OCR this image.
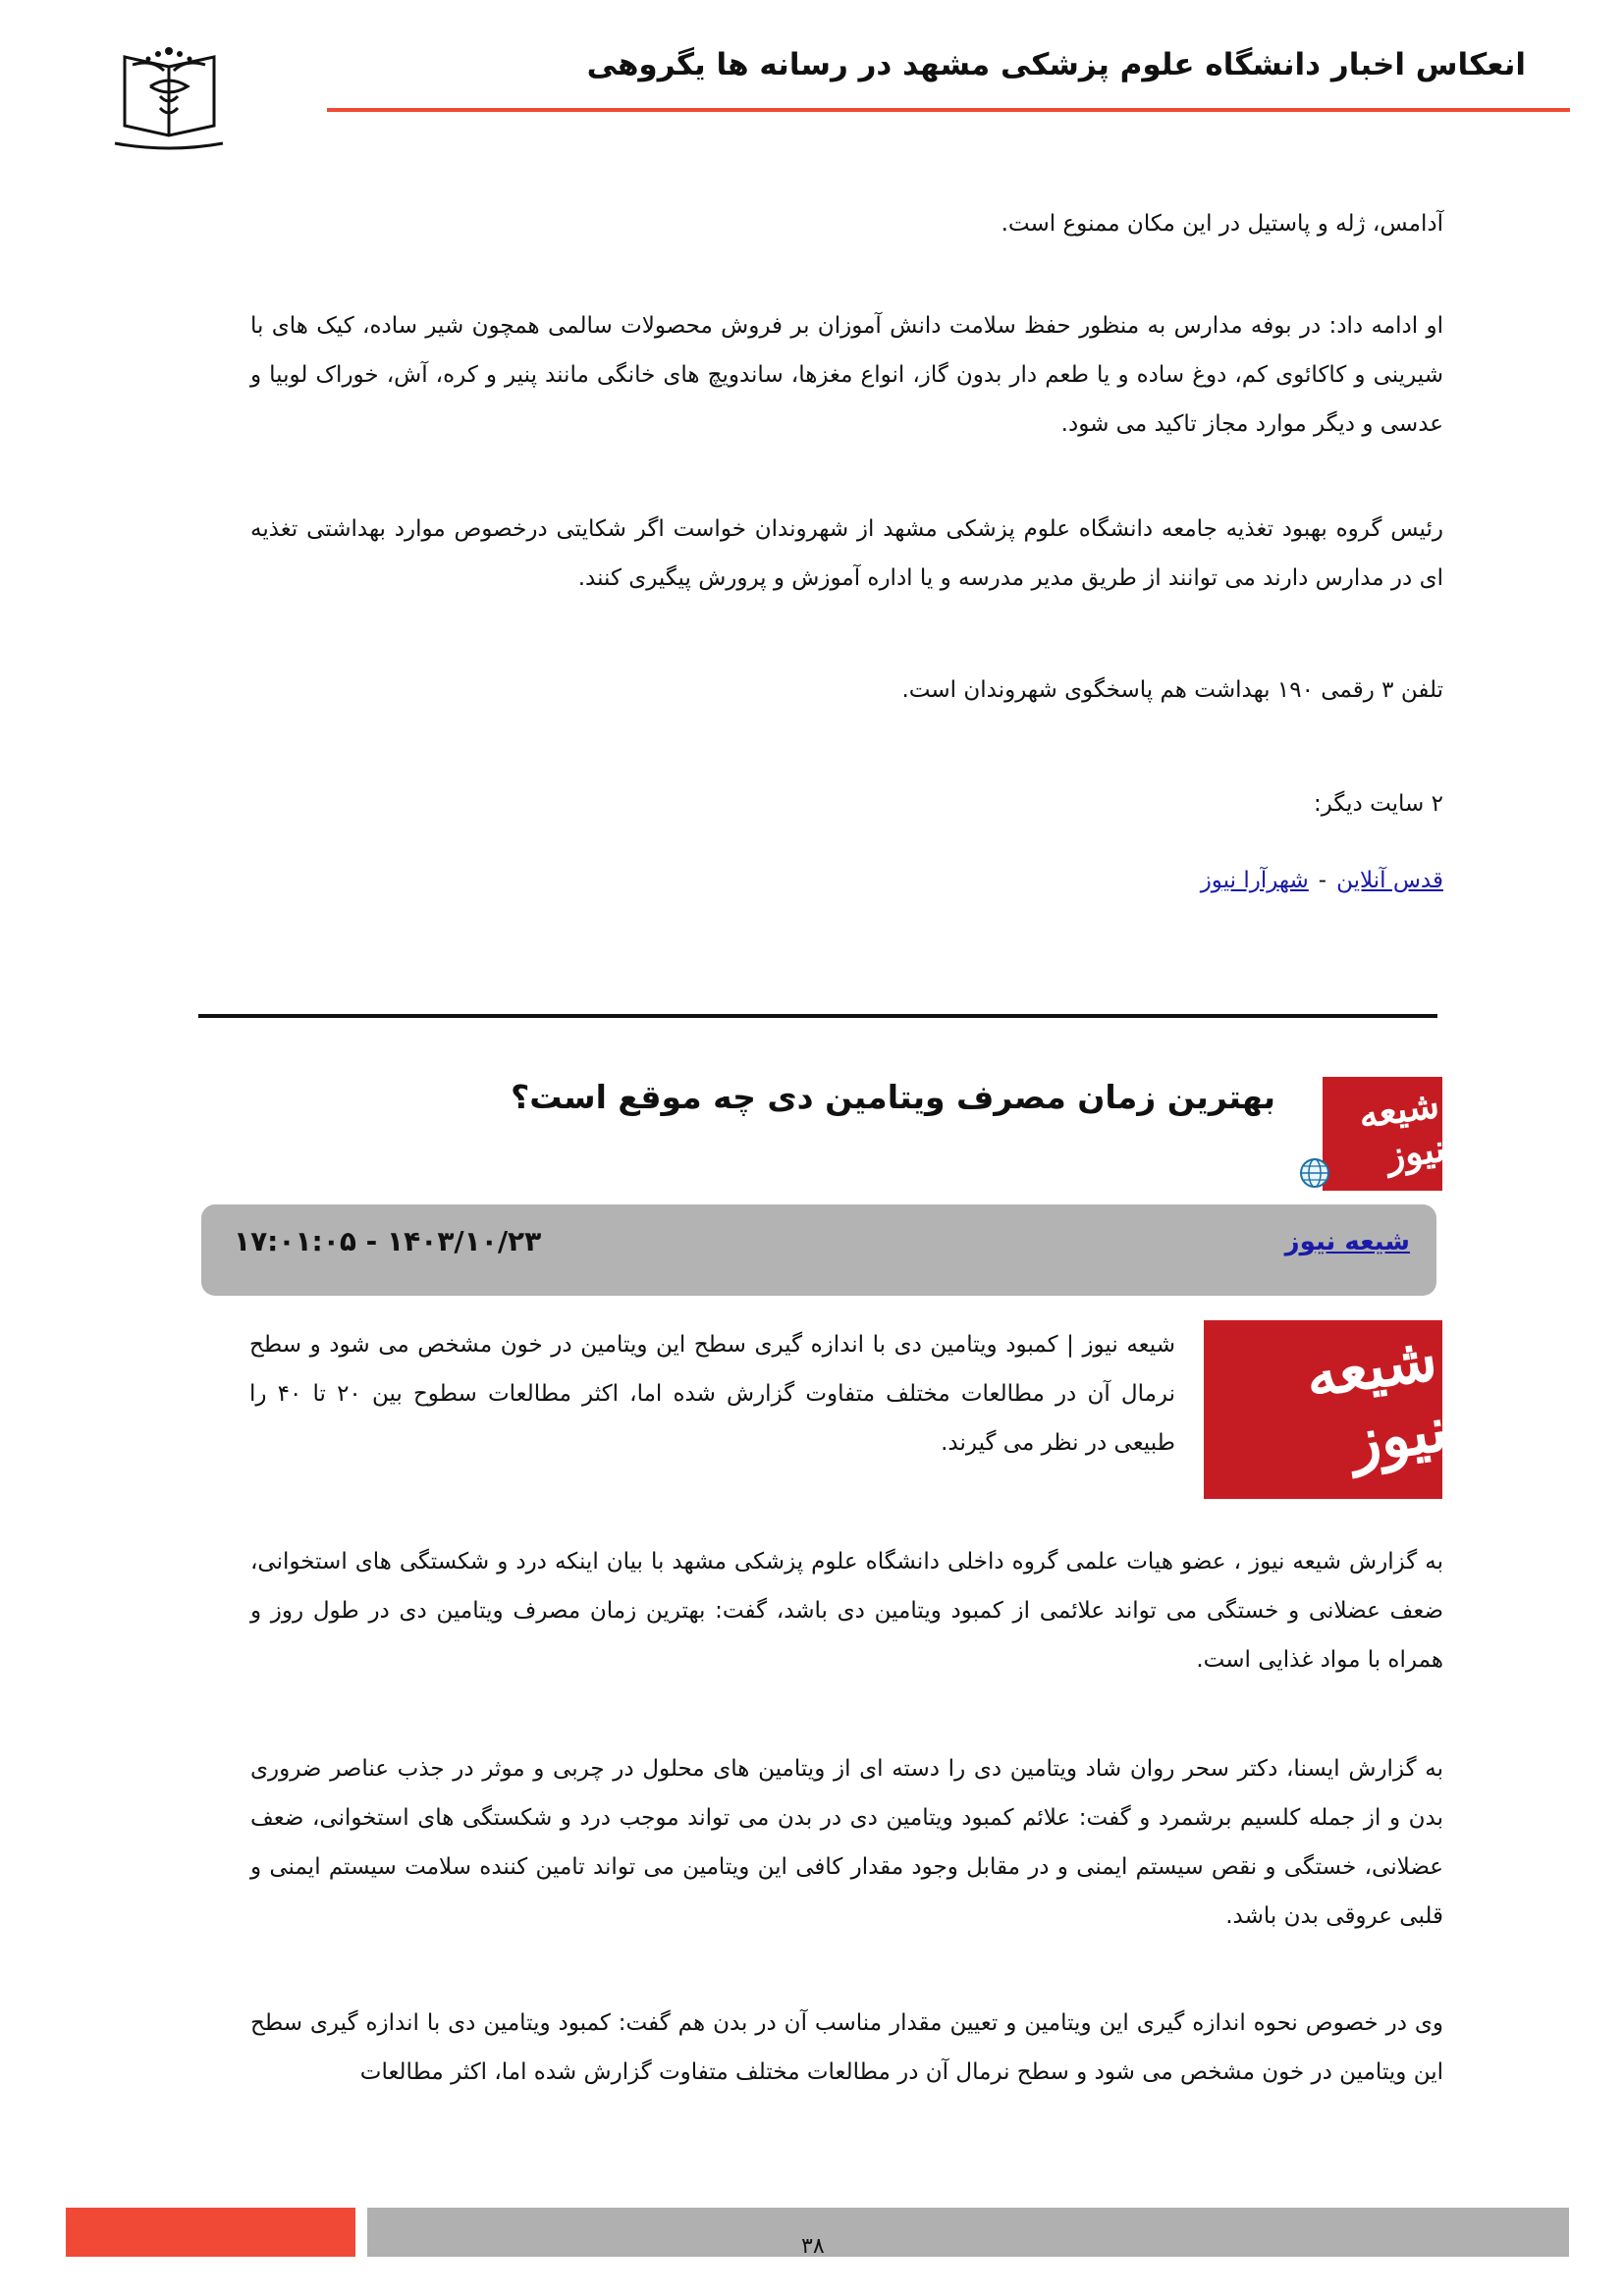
انعکاس اخبار دانشگاه علوم پزشکی مشهد در رسانه ها یگروهی

آدامس، ژله و پاستیل در این مکان ممنوع است.

او ادامه داد: در بوفه مدارس به منظور حفظ سلامت دانش آموزان بر فروش محصولات سالمی همچون شیر ساده، کیک های با شیرینی و کاکائوی کم، دوغ ساده و یا طعم دار بدون گاز، انواع مغزها، ساندویچ های خانگی مانند پنیر و کره، آش، خوراک لوبیا و عدسی و دیگر موارد مجاز تاکید می شود.

رئیس گروه بهبود تغذیه جامعه دانشگاه علوم پزشکی مشهد از شهروندان خواست اگر شکایتی درخصوص موارد بهداشتی تغذیه ای در مدارس دارند می توانند از طریق مدیر مدرسه و یا اداره آموزش و پرورش پیگیری کنند.

تلفن ۳ رقمی ۱۹۰ بهداشت هم پاسخگوی شهروندان است.

۲ سایت دیگر:

قدس آنلاین-شهرآرا نیوز
شیعه نیوز
بهترین زمان مصرف ویتامین دی چه موقع است؟
شیعه نیوز
۱۷:۰۱:۰۵ - ۱۴۰۳/۱۰/۲۳
شیعه نیوز

شیعه نیوز | کمبود ویتامین دی با اندازه گیری سطح این ویتامین در خون مشخص می شود و سطح نرمال آن در مطالعات مختلف متفاوت گزارش شده اما، اکثر مطالعات سطوح بین ۲۰ تا ۴۰ را طبیعی در نظر می گیرند.

به گزارش شیعه نیوز ، عضو هیات علمی گروه داخلی دانشگاه علوم پزشکی مشهد با بیان اینکه درد و شکستگی های استخوانی، ضعف عضلانی و خستگی می تواند علائمی از کمبود ویتامین دی باشد، گفت: بهترین زمان مصرف ویتامین دی در طول روز و همراه با مواد غذایی است.

به گزارش ایسنا، دکتر سحر روان شاد ویتامین دی را دسته ای از ویتامین های محلول در چربی و موثر در جذب عناصر ضروری بدن و از جمله کلسیم برشمرد و گفت: علائم کمبود ویتامین دی در بدن می تواند موجب درد و شکستگی های استخوانی، ضعف عضلانی، خستگی و نقص سیستم ایمنی و در مقابل وجود مقدار کافی این ویتامین می تواند تامین کننده سلامت سیستم ایمنی و قلبی عروقی بدن باشد.

وی در خصوص نحوه اندازه گیری این ویتامین و تعیین مقدار مناسب آن در بدن هم گفت: کمبود ویتامین دی با اندازه گیری سطح این ویتامین در خون مشخص می شود و سطح نرمال آن در مطالعات مختلف متفاوت گزارش شده اما، اکثر مطالعات

۳۸
